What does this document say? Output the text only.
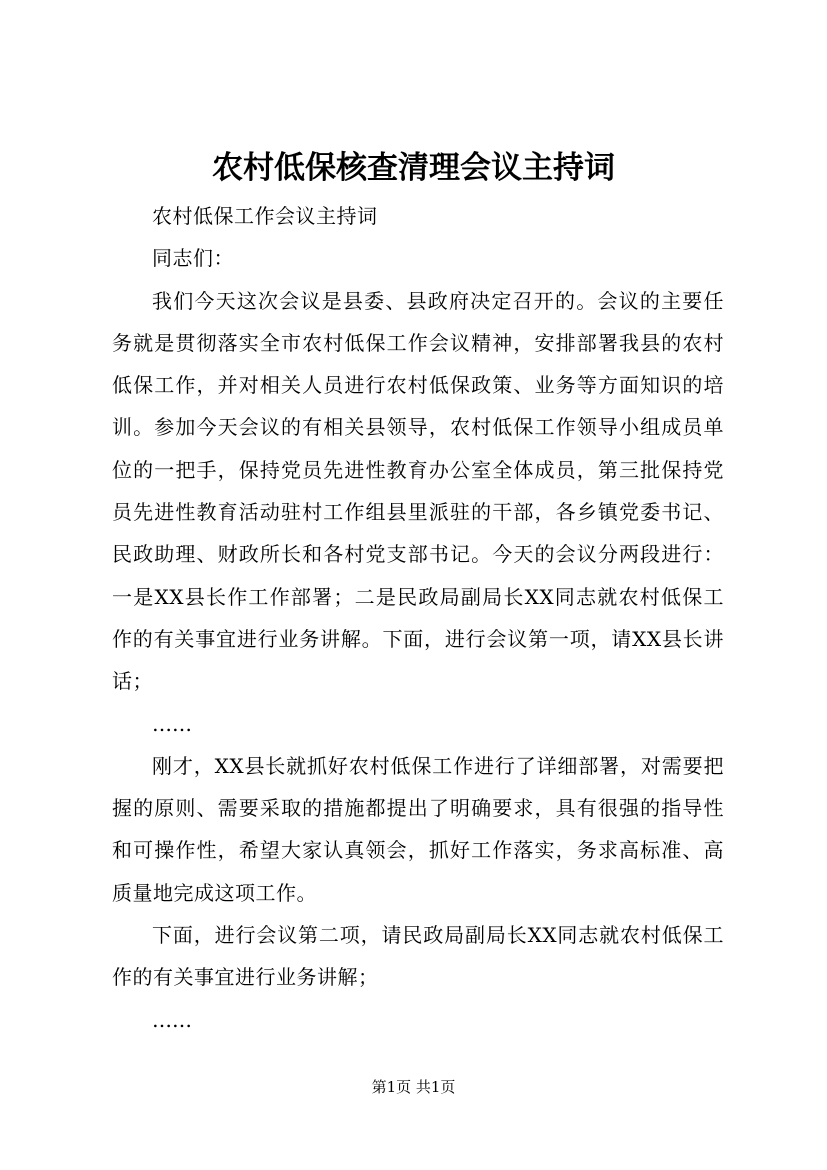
农村低保核查清理会议主持词

农村低保工作会议主持词

同志们：

我们今天这次会议是县委、县政府决定召开的。会议的主要任务就是贯彻落实全市农村低保工作会议精神，安排部署我县的农村低保工作，并对相关人员进行农村低保政策、业务等方面知识的培训。参加今天会议的有相关县领导，农村低保工作领导小组成员单位的一把手，保持党员先进性教育办公室全体成员，第三批保持党员先进性教育活动驻村工作组县里派驻的干部，各乡镇党委书记、民政助理、财政所长和各村党支部书记。今天的会议分两段进行：一是XX县长作工作部署；二是民政局副局长XX同志就农村低保工作的有关事宜进行业务讲解。下面，进行会议第一项，请XX县长讲话；

……

刚才，XX县长就抓好农村低保工作进行了详细部署，对需要把握的原则、需要采取的措施都提出了明确要求，具有很强的指导性和可操作性，希望大家认真领会，抓好工作落实，务求高标准、高质量地完成这项工作。

下面，进行会议第二项，请民政局副局长XX同志就农村低保工作的有关事宜进行业务讲解；

……

第1页 共1页
